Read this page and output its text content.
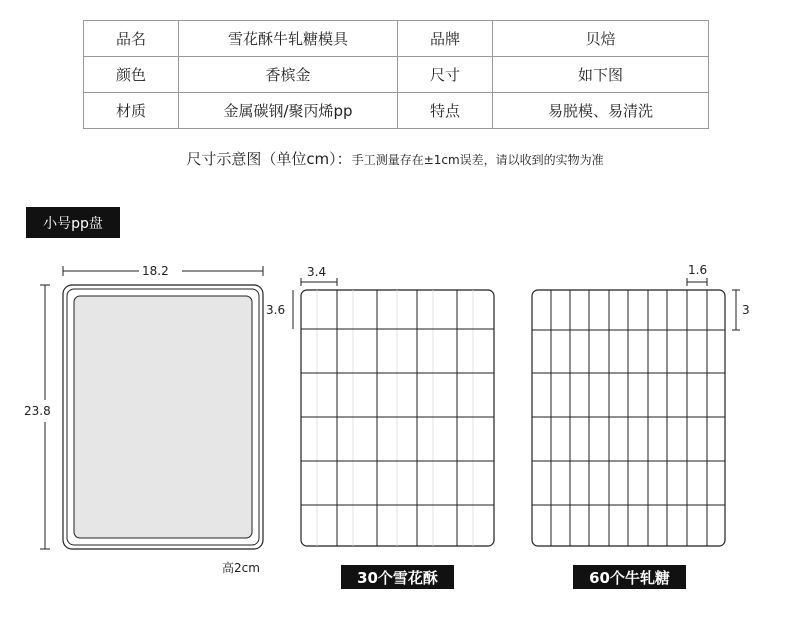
品名	雪花酥牛轧糖模具	品牌	贝焙
颜色	香槟金	尺寸	如下图
材质	金属碳钢/聚丙烯pp	特点	易脱模、易清洗
尺寸示意图（单位cm）：手工测量存在±1cm误差，请以收到的实物为准
小号pp盘
18.2
23.8
高2cm
3.4
3.6
1.6
3
30个雪花酥	60个牛轧糖
